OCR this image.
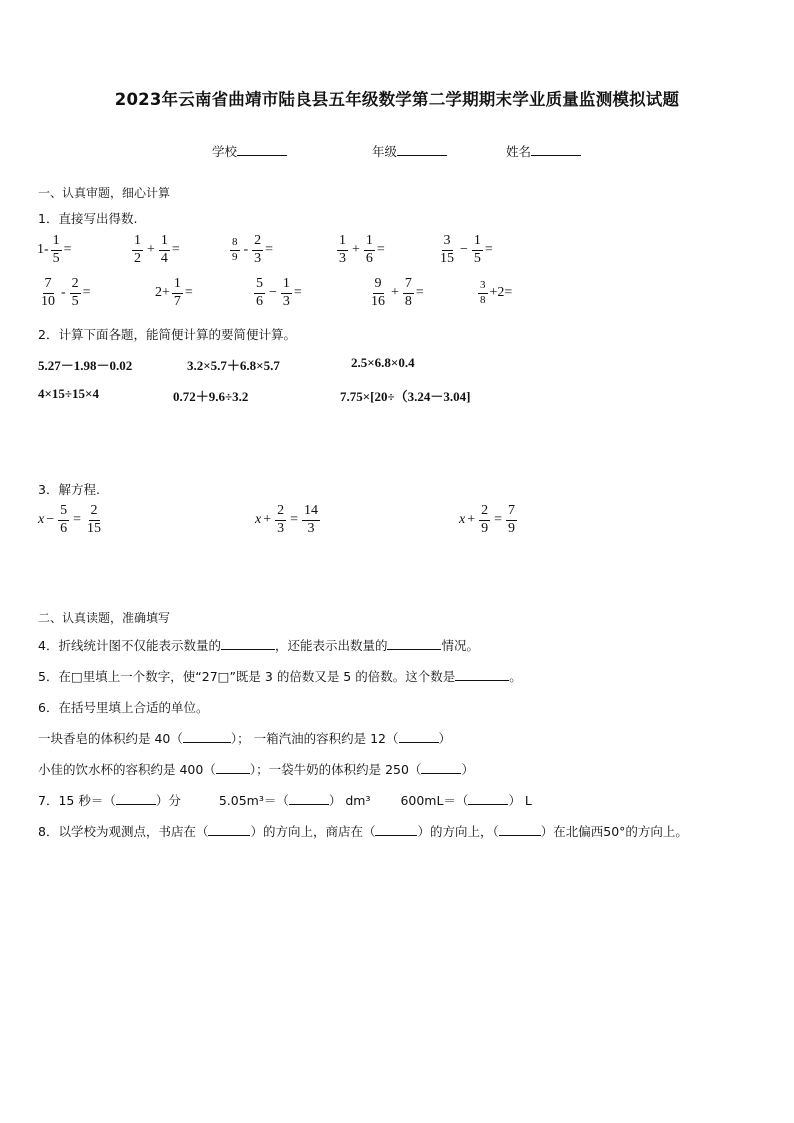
2023年云南省曲靖市陆良县五年级数学第二学期期末学业质量监测模拟试题
学校	年级	姓名
一、认真审题，细心计算
1．直接写出得数.
$1- \frac{1}{5}$ =	$\frac{1}{2} + \frac{1}{4}$ =	$\frac{8}{9} - \frac{2}{3}$ =	$\frac{1}{3} + \frac{1}{6}$ =	$\frac{3}{15} - \frac{1}{5}$ =
$\frac{7}{10} - \frac{2}{5}$ =	$2+ \frac{1}{7}$ =	$\frac{5}{6} - \frac{1}{3}$ =	$\frac{9}{16} + \frac{7}{8}$ =	$\frac{3}{8} +2=$
2．计算下面各题，能简便计算的要简便计算。
5.27－1.98－0.02	3.2×5.7＋6.8×5.7	2.5×6.8×0.4
4×15÷15×4	0.72＋9.6÷3.2	7.75×[20÷（3.24－3.04]
3．解方程.
$x - \frac{5}{6} = \frac{2}{15}$	$x + \frac{2}{3} = \frac{14}{3}$	$x + \frac{2}{9} = \frac{7}{9}$
二、认真读题，准确填写
4．折线统计图不仅能表示数量的	，还能表示出数量的	情况。
5．在□里填上一个数字，使“27□”既是 3 的倍数又是 5 的倍数。这个数是	。
6．在括号里填上合适的单位。
一块香皂的体积约是 40（	）； 一箱汽油的容积约是 12（	）
小佳的饮水杯的容积约是 400（	）；一袋牛奶的体积约是 250（	）
7．15 秒＝（	）分	5.05m³＝（	） dm³ 600mL＝（	） L
8．以学校为观测点，书店在（	）的方向上，商店在（	）的方向上，（	）在北偏西50°的方向上。
